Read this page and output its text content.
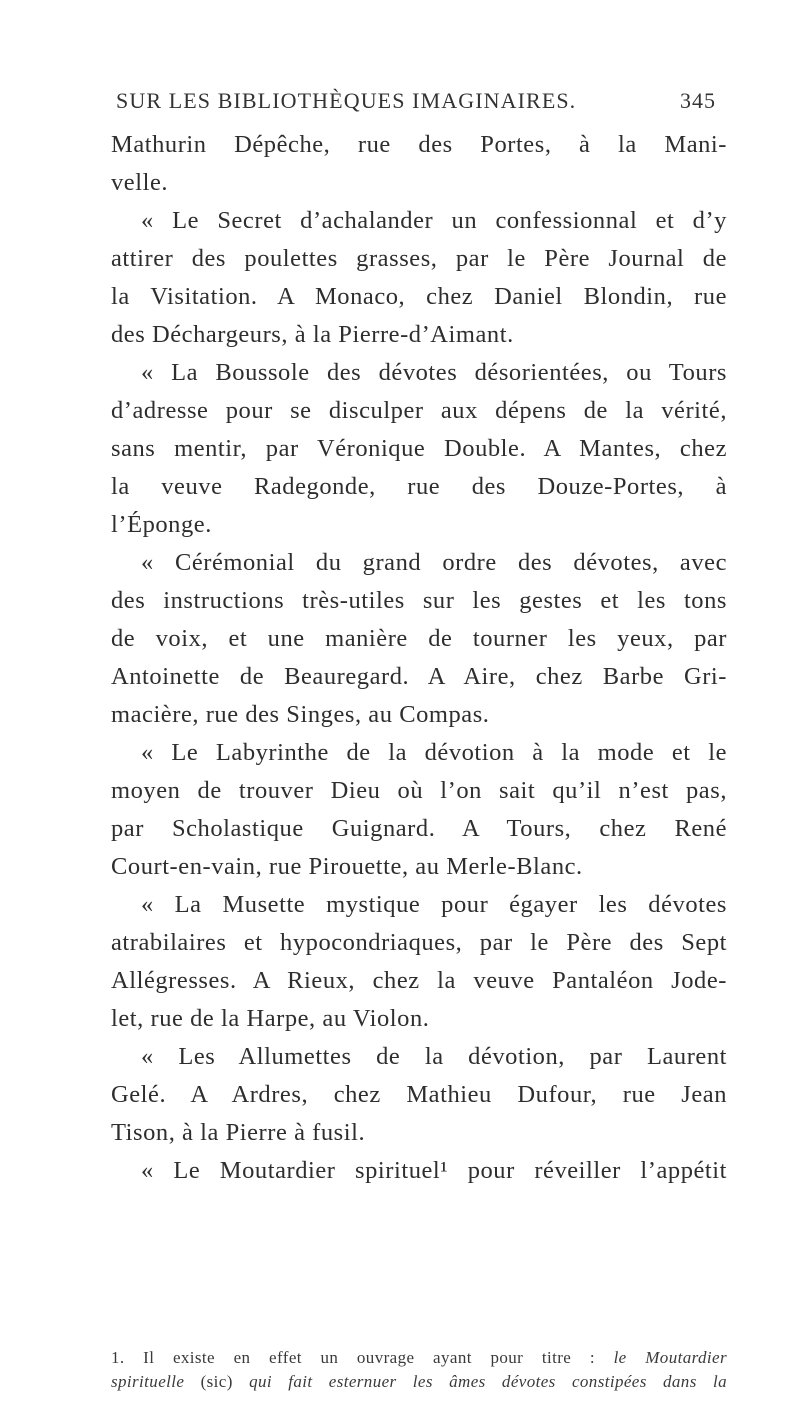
SUR LES BIBLIOTHÈQUES IMAGINAIRES.	345
Mathurin Dépêche, rue des Portes, à la Mani-
velle.
« Le Secret d’achalander un confessionnal et d’y
attirer des poulettes grasses, par le Père Journal de
la Visitation. A Monaco, chez Daniel Blondin, rue
des Déchargeurs, à la Pierre-d’Aimant.
« La Boussole des dévotes désorientées, ou Tours
d’adresse pour se disculper aux dépens de la vérité,
sans mentir, par Véronique Double. A Mantes, chez
la veuve Radegonde, rue des Douze-Portes, à
l’Éponge.
« Cérémonial du grand ordre des dévotes, avec
des instructions très-utiles sur les gestes et les tons
de voix, et une manière de tourner les yeux, par
Antoinette de Beauregard. A Aire, chez Barbe Gri-
macière, rue des Singes, au Compas.
« Le Labyrinthe de la dévotion à la mode et le
moyen de trouver Dieu où l’on sait qu’il n’est pas,
par Scholastique Guignard. A Tours, chez René
Court-en-vain, rue Pirouette, au Merle-Blanc.
« La Musette mystique pour égayer les dévotes
atrabilaires et hypocondriaques, par le Père des Sept
Allégresses. A Rieux, chez la veuve Pantaléon Jode-
let, rue de la Harpe, au Violon.
« Les Allumettes de la dévotion, par Laurent
Gelé. A Ardres, chez Mathieu Dufour, rue Jean
Tison, à la Pierre à fusil.
« Le Moutardier spirituel¹ pour réveiller l’appétit
1. Il existe en effet un ouvrage ayant pour titre : le Moutardier
spirituelle (sic) qui fait esternuer les âmes dévotes constipées dans la
